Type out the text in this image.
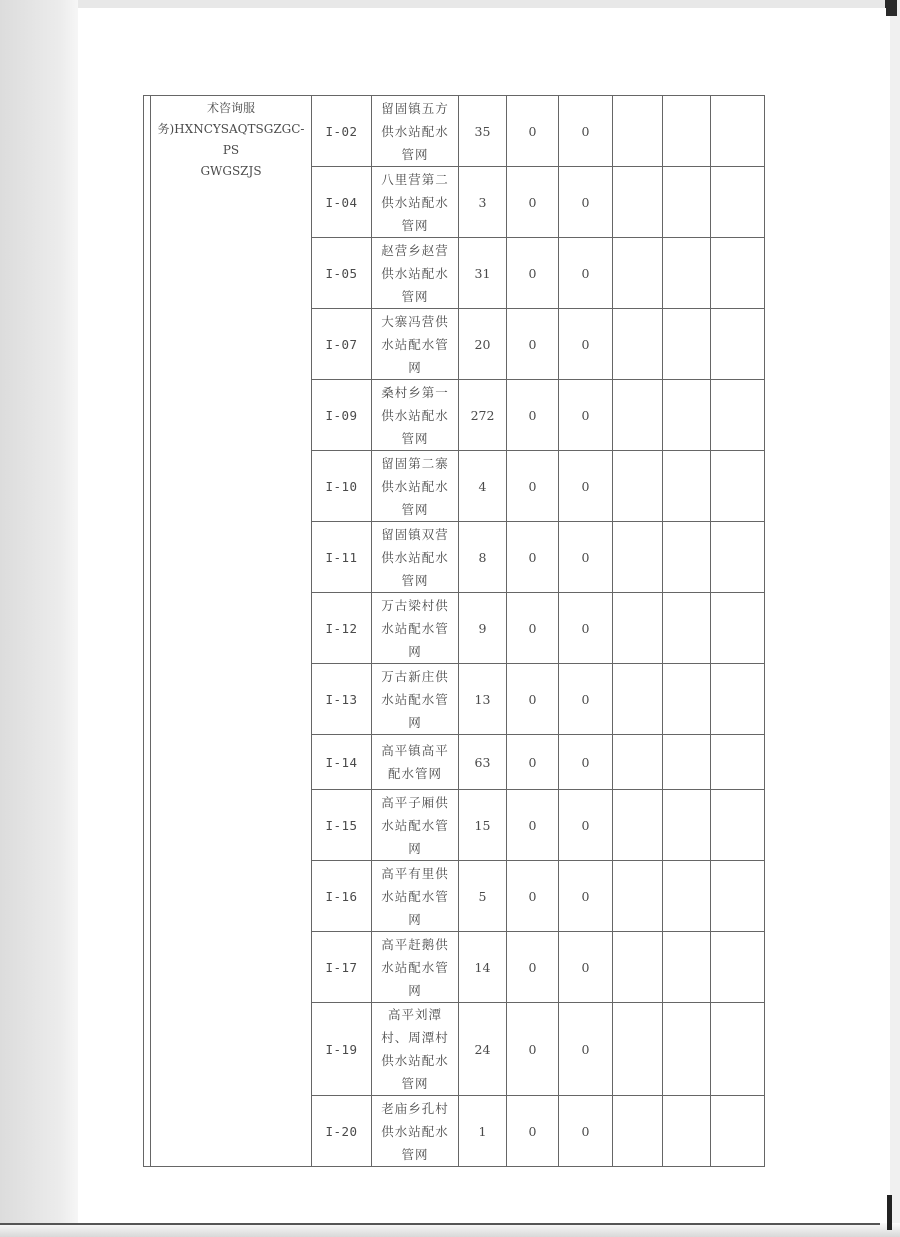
	术咨询服
务)HXNCYSAQTSGZGC-PS
GWGSZJS	I-02	留固镇五方供水站配水管网	35	0	0			
		I-04	八里营第二供水站配水管网	3	0	0			
		I-05	赵营乡赵营供水站配水管网	31	0	0			
		I-07	大寨冯营供水站配水管网	20	0	0			
		I-09	桑村乡第一供水站配水管网	272	0	0			
		I-10	留固第二寨供水站配水管网	4	0	0			
		I-11	留固镇双营供水站配水管网	8	0	0			
		I-12	万古梁村供水站配水管网	9	0	0			
		I-13	万古新庄供水站配水管网	13	0	0			
		I-14	高平镇高平配水管网	63	0	0			
		I-15	高平子厢供水站配水管网	15	0	0			
		I-16	高平有里供水站配水管网	5	0	0			
		I-17	高平赶鹅供水站配水管网	14	0	0			
		I-19	高平刘潭村、周潭村供水站配水管网	24	0	0			
		I-20	老庙乡孔村供水站配水管网	1	0	0			
